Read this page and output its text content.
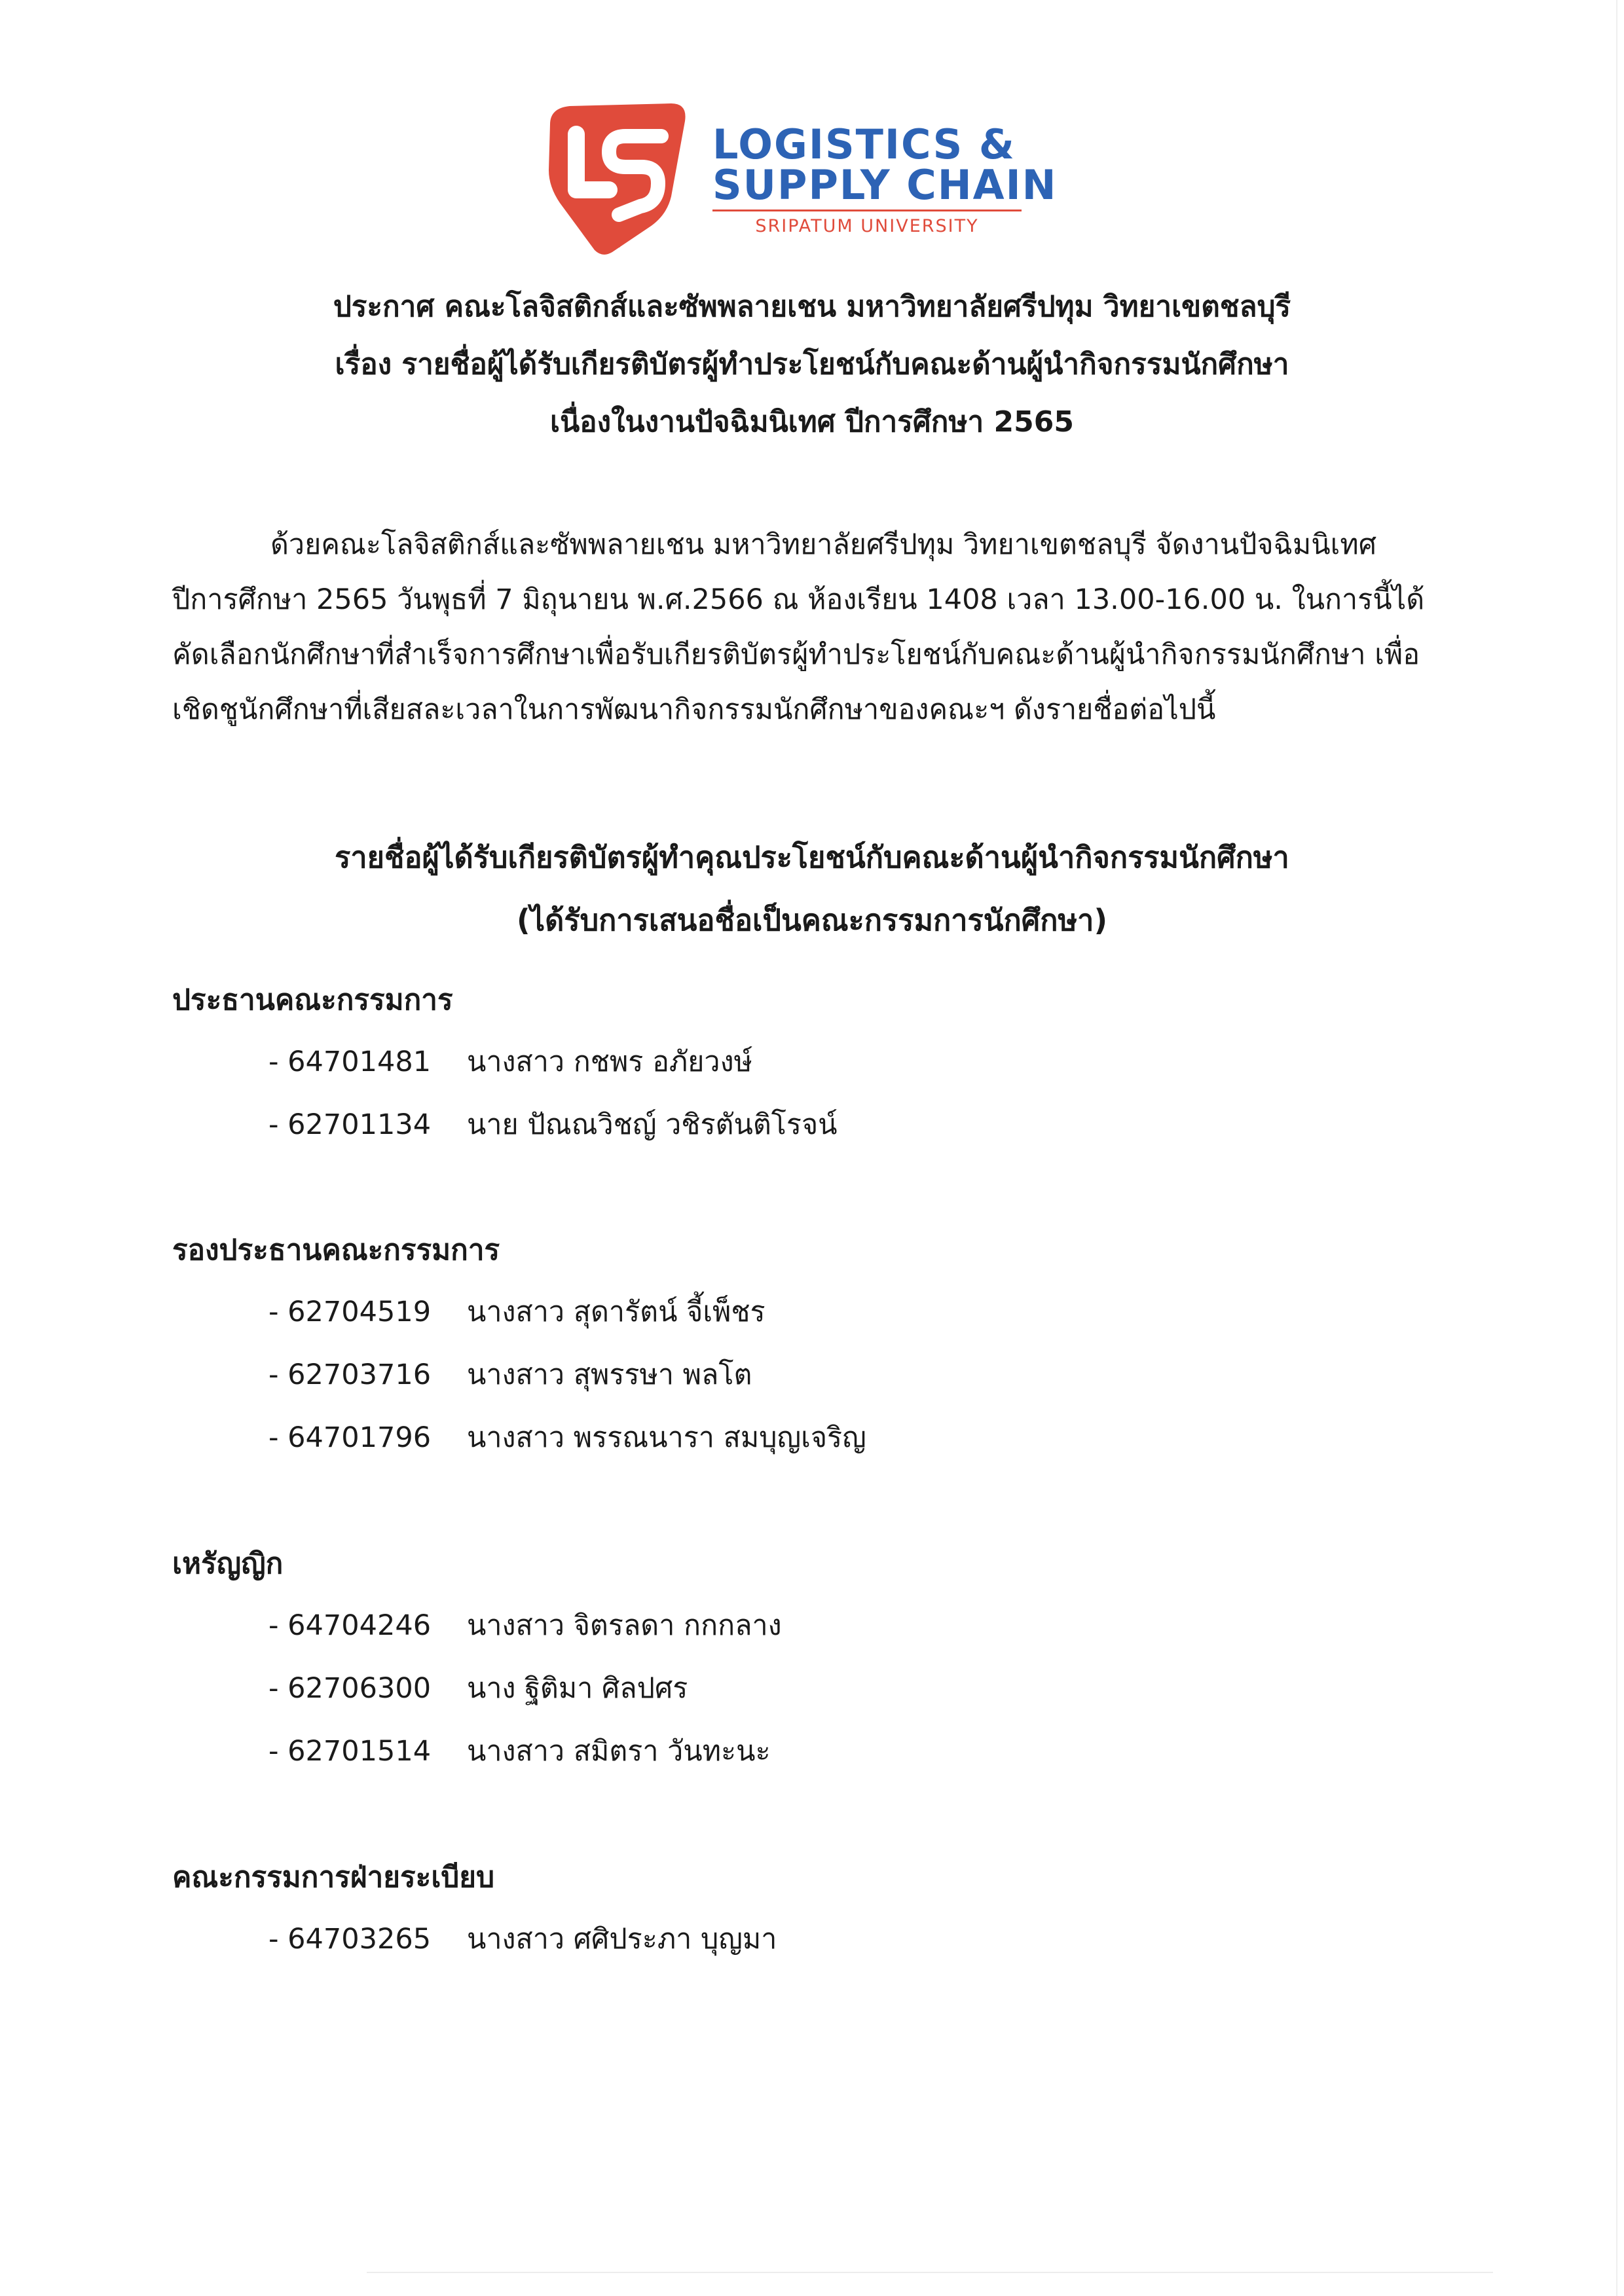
LS
LOGISTICS &
SUPPLY CHAIN
SRIPATUM UNIVERSITY
ประกาศ คณะโลจิสติกส์และซัพพลายเชน มหาวิทยาลัยศรีปทุม วิทยาเขตชลบุรี
เรื่อง รายชื่อผู้ได้รับเกียรติบัตรผู้ทำประโยชน์กับคณะด้านผู้นำกิจกรรมนักศึกษา
เนื่องในงานปัจฉิมนิเทศ ปีการศึกษา 2565
ด้วยคณะโลจิสติกส์และซัพพลายเชน มหาวิทยาลัยศรีปทุม วิทยาเขตชลบุรี จัดงานปัจฉิมนิเทศ
ปีการศึกษา 2565 วันพุธที่ 7 มิถุนายน พ.ศ.2566 ณ ห้องเรียน 1408 เวลา 13.00-16.00 น. ในการนี้ได้
คัดเลือกนักศึกษาที่สำเร็จการศึกษาเพื่อรับเกียรติบัตรผู้ทำประโยชน์กับคณะด้านผู้นำกิจกรรมนักศึกษา เพื่อ
เชิดชูนักศึกษาที่เสียสละเวลาในการพัฒนากิจกรรมนักศึกษาของคณะฯ ดังรายชื่อต่อไปนี้
รายชื่อผู้ได้รับเกียรติบัตรผู้ทำคุณประโยชน์กับคณะด้านผู้นำกิจกรรมนักศึกษา
(ได้รับการเสนอชื่อเป็นคณะกรรมการนักศึกษา)
ประธานคณะกรรมการ
- 64701481 นางสาว กชพร อภัยวงษ์
- 62701134 นาย ปัณณวิชญ์ วชิรตันติโรจน์
รองประธานคณะกรรมการ
- 62704519 นางสาว สุดารัตน์ จี้เพ็ชร
- 62703716 นางสาว สุพรรษา พลโต
- 64701796 นางสาว พรรณนารา สมบุญเจริญ
เหรัญญิก
- 64704246 นางสาว จิตรลดา กกกลาง
- 62706300 นาง ฐิติมา ศิลปศร
- 62701514 นางสาว สมิตรา วันทะนะ
คณะกรรมการฝ่ายระเบียบ
- 64703265 นางสาว ศศิประภา บุญมา
